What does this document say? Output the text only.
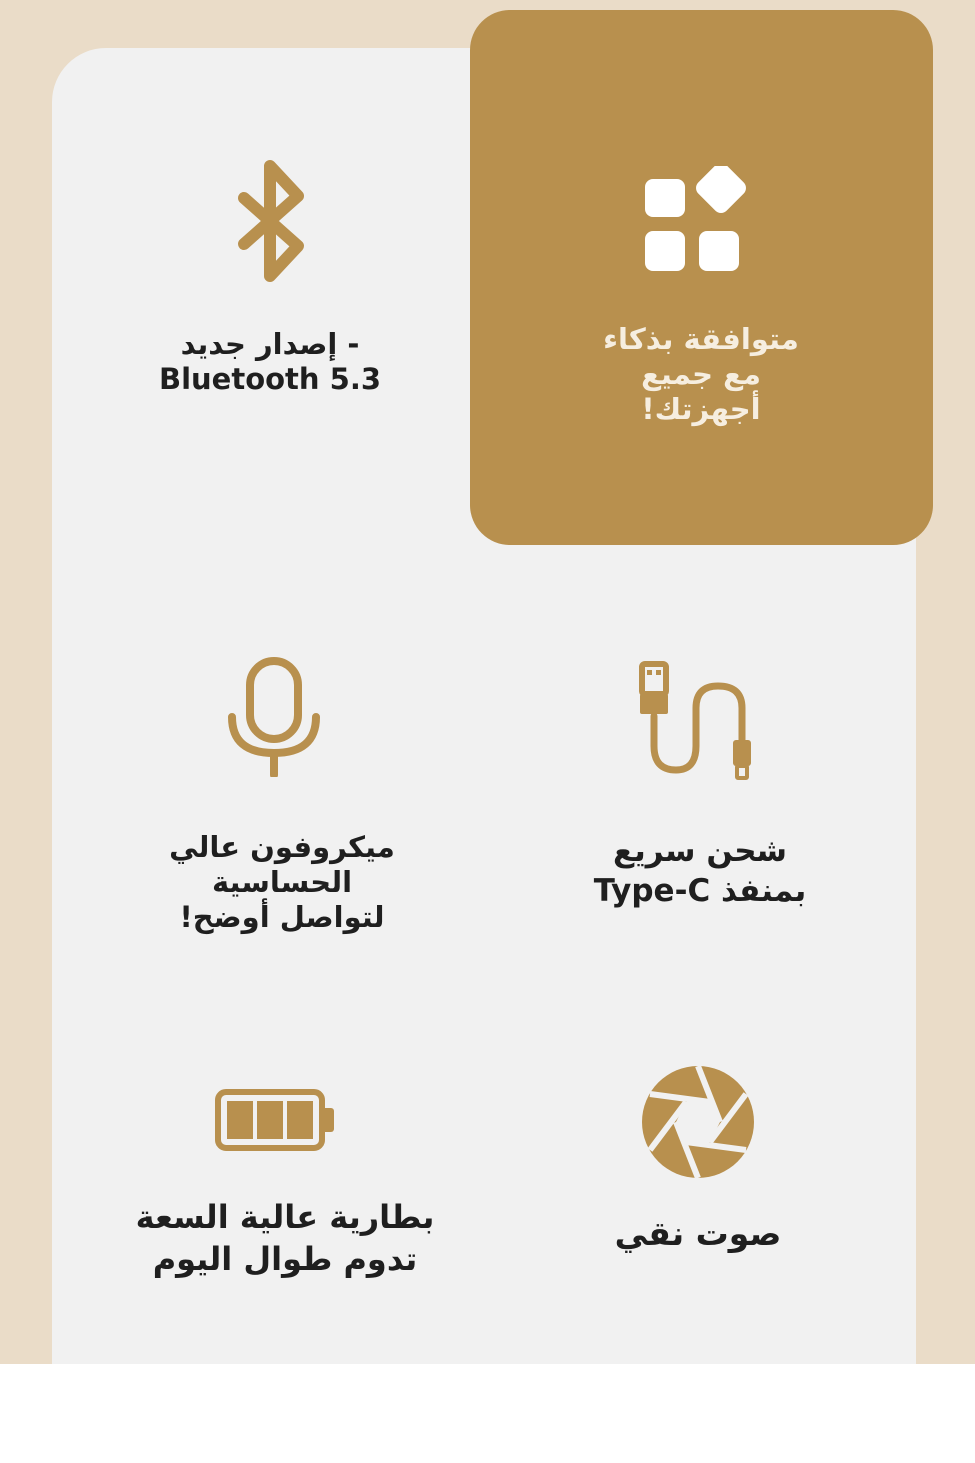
متوافقة بذكاء
مع جميع
أجهزتك!
- إصدار جديد
Bluetooth 5.3
شحن سريع
بمنفذ Type-C
ميكروفون عالي
الحساسية
لتواصل أوضح!
صوت نقي
بطارية عالية السعة
تدوم طوال اليوم
